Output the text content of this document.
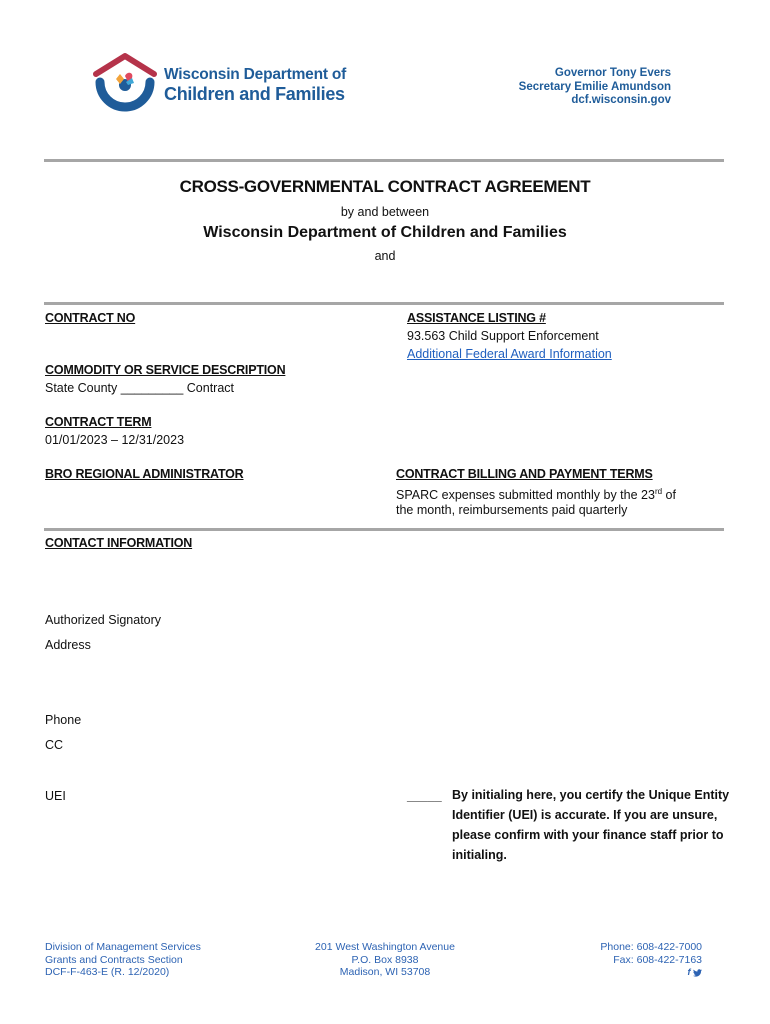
Wisconsin Department of
Children and Families
Governor Tony Evers
Secretary Emilie Amundson
dcf.wisconsin.gov
CROSS-GOVERNMENTAL CONTRACT AGREEMENT
by and between
Wisconsin Department of Children and Families
and
CONTRACT NO	ASSISTANCE LISTING #
93.563 Child Support Enforcement
Additional Federal Award Information
COMMODITY OR SERVICE DESCRIPTION
State County _________ Contract
CONTRACT TERM
01/01/2023 – 12/31/2023
BRO REGIONAL ADMINISTRATOR	CONTRACT BILLING AND PAYMENT TERMS
SPARC expenses submitted monthly by the 23rd of
the month, reimbursements paid quarterly
CONTACT INFORMATION
Authorized Signatory
Address
Phone
CC
UEI	_____ By initialing here, you certify the Unique Entity Identifier (UEI) is accurate. If you are unsure, please confirm with your finance staff prior to initialing.
Division of Management Services
Grants and Contracts Section
DCF-F-463-E (R. 12/2020)
201 West Washington Avenue
P.O. Box 8938
Madison, WI 53708
Phone: 608-422-7000
Fax: 608-422-7163
f
